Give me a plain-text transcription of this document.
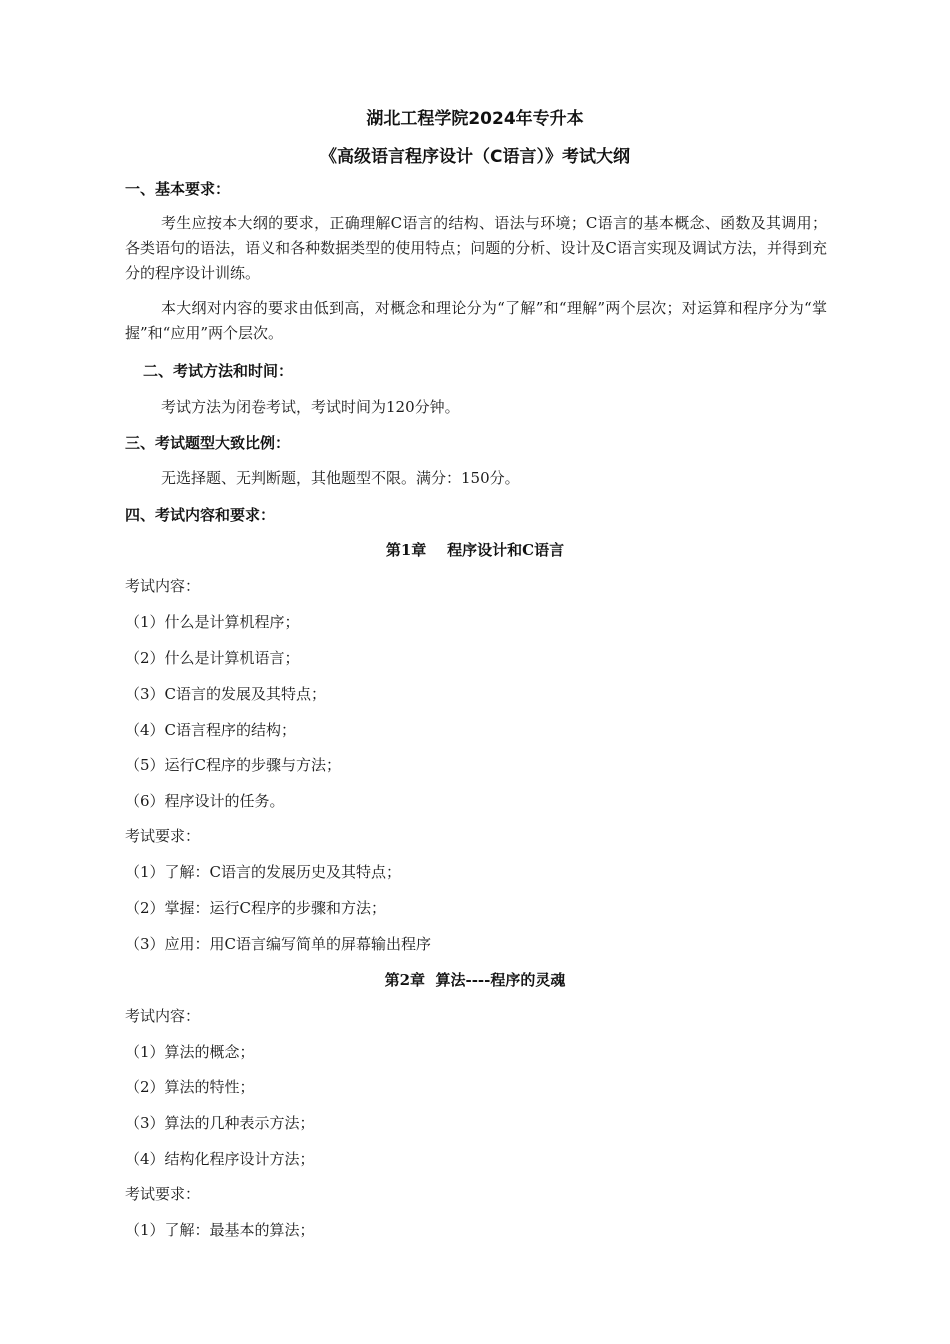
湖北工程学院2024年专升本
《高级语言程序设计（C语言）》考试大纲
一、基本要求：

考生应按本大纲的要求，正确理解C语言的结构、语法与环境；C语言的基本概念、函数及其调用；各类语句的语法，语义和各种数据类型的使用特点；问题的分析、设计及C语言实现及调试方法，并得到充分的程序设计训练。

本大纲对内容的要求由低到高，对概念和理论分为“了解”和“理解”两个层次；对运算和程序分为“掌握”和“应用”两个层次。

二、考试方法和时间：
考试方法为闭卷考试，考试时间为120分钟。
三、考试题型大致比例：
无选择题、无判断题，其他题型不限。满分：150分。
四、考试内容和要求：
第1章    程序设计和C语言
考试内容：
（1）什么是计算机程序；
（2）什么是计算机语言；
（3）C语言的发展及其特点；
（4）C语言程序的结构；
（5）运行C程序的步骤与方法；
（6）程序设计的任务。
考试要求：
（1）了解：C语言的发展历史及其特点；
（2）掌握：运行C程序的步骤和方法；
（3）应用：用C语言编写简单的屏幕输出程序
第2章  算法----程序的灵魂
考试内容：
（1）算法的概念；
（2）算法的特性；
（3）算法的几种表示方法；
（4）结构化程序设计方法；
考试要求：
（1）了解：最基本的算法；
